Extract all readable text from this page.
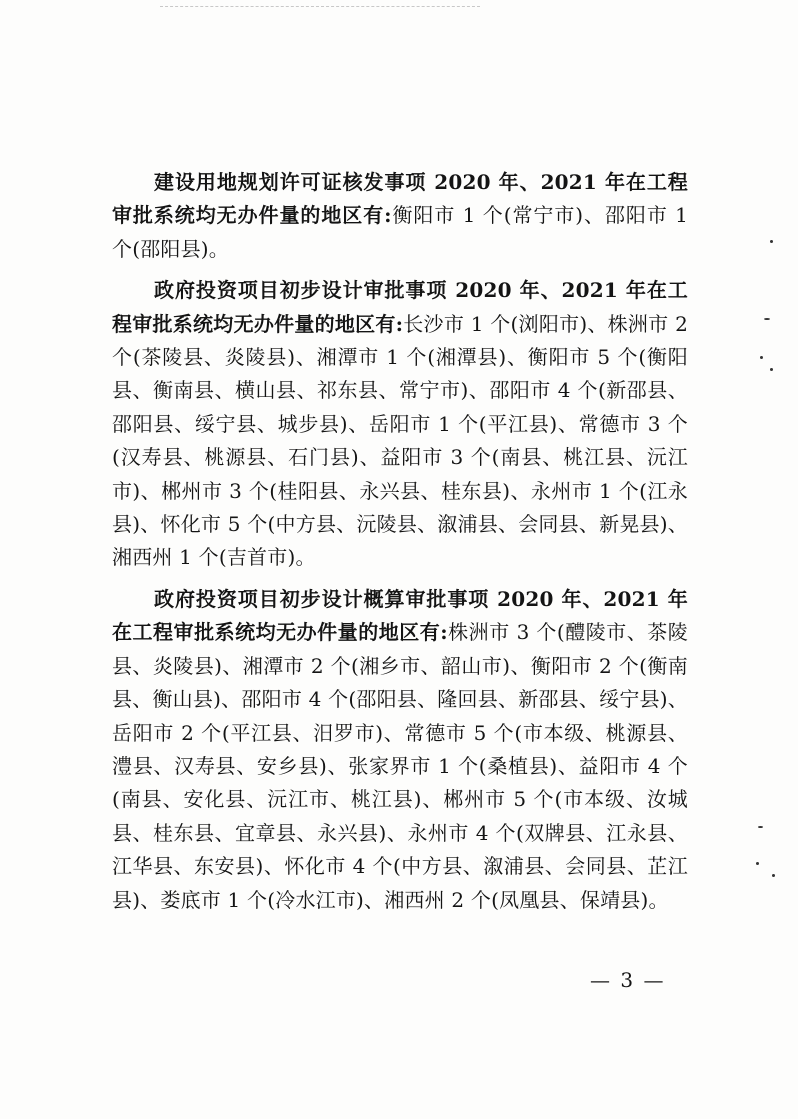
建设用地规划许可证核发事项 2020 年、2021 年在工程审批系统均无办件量的地区有:衡阳市 1 个(常宁市)、邵阳市 1 个(邵阳县)。

政府投资项目初步设计审批事项 2020 年、2021 年在工程审批系统均无办件量的地区有:长沙市 1 个(浏阳市)、株洲市 2 个(茶陵县、炎陵县)、湘潭市 1 个(湘潭县)、衡阳市 5 个(衡阳县、衡南县、横山县、祁东县、常宁市)、邵阳市 4 个(新邵县、邵阳县、绥宁县、城步县)、岳阳市 1 个(平江县)、常德市 3 个(汉寿县、桃源县、石门县)、益阳市 3 个(南县、桃江县、沅江市)、郴州市 3 个(桂阳县、永兴县、桂东县)、永州市 1 个(江永县)、怀化市 5 个(中方县、沅陵县、溆浦县、会同县、新晃县)、湘西州 1 个(吉首市)。

政府投资项目初步设计概算审批事项 2020 年、2021 年在工程审批系统均无办件量的地区有:株洲市 3 个(醴陵市、茶陵县、炎陵县)、湘潭市 2 个(湘乡市、韶山市)、衡阳市 2 个(衡南县、衡山县)、邵阳市 4 个(邵阳县、隆回县、新邵县、绥宁县)、岳阳市 2 个(平江县、汨罗市)、常德市 5 个(市本级、桃源县、澧县、汉寿县、安乡县)、张家界市 1 个(桑植县)、益阳市 4 个(南县、安化县、沅江市、桃江县)、郴州市 5 个(市本级、汝城县、桂东县、宜章县、永兴县)、永州市 4 个(双牌县、江永县、江华县、东安县)、怀化市 4 个(中方县、溆浦县、会同县、芷江县)、娄底市 1 个(冷水江市)、湘西州 2 个(凤凰县、保靖县)。

— 3 —
